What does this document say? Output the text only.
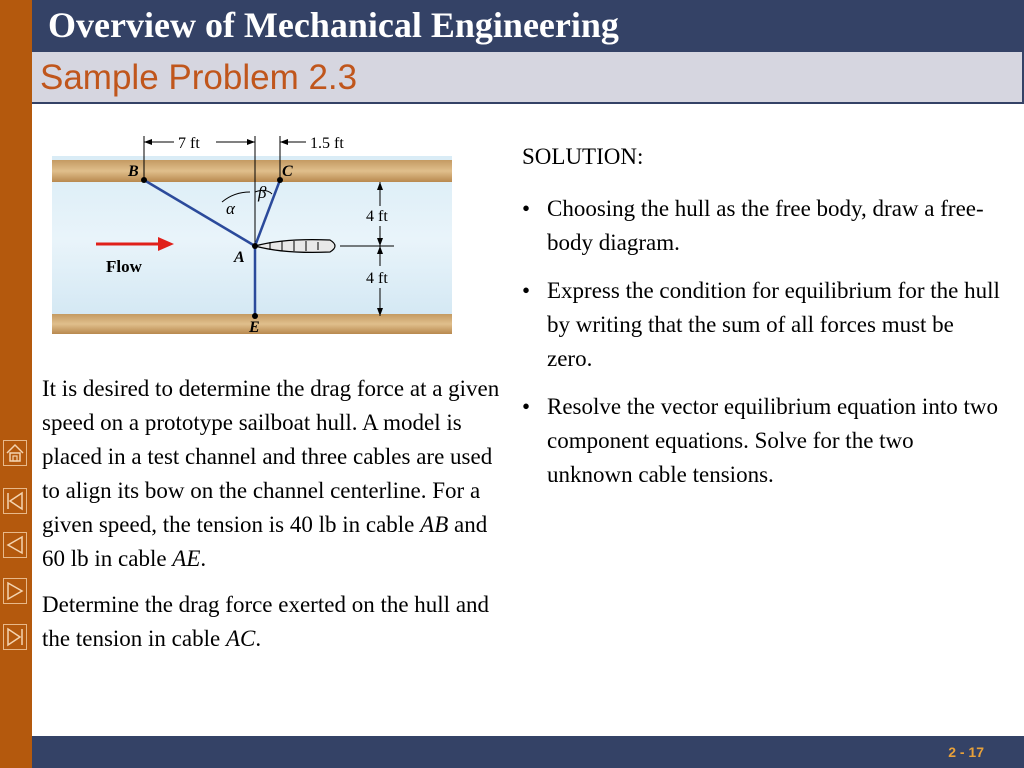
Overview of Mechanical Engineering
Sample Problem 2.3
7 ft	1.5 ft
4 ft
4 ft
B	C
A
E
α
β
Flow

It is desired to determine the drag force at a given speed on a prototype sailboat hull. A model is placed in a test channel and three cables are used to align its bow on the channel centerline. For a given speed, the tension is 40 lb in cable AB and 60 lb in cable AE.

Determine the drag force exerted on the hull and the tension in cable AC.

SOLUTION:
• Choosing the hull as the free body, draw a free-body diagram.
• Express the condition for equilibrium for the hull by writing that the sum of all forces must be zero.
• Resolve the vector equilibrium equation into two component equations. Solve for the two unknown cable tensions.
2 - 17
